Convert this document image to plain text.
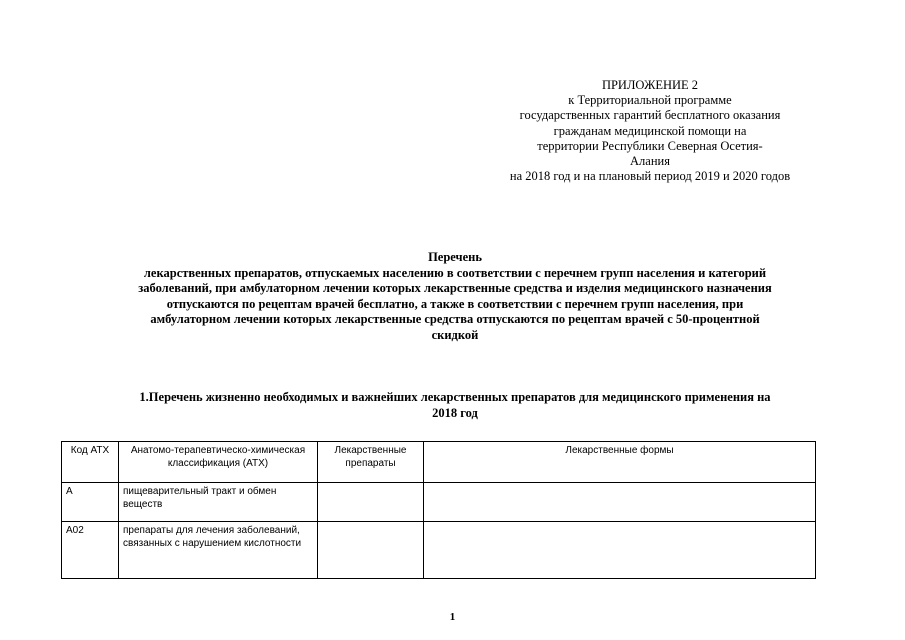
ПРИЛОЖЕНИЕ 2
к Территориальной программе
государственных гарантий бесплатного оказания
гражданам медицинской помощи на
территории Республики Северная Осетия-
Алания
на 2018 год и на плановый период 2019 и 2020 годов
Перечень
лекарственных препаратов, отпускаемых населению в соответствии с перечнем групп населения и категорий
заболеваний, при амбулаторном лечении которых лекарственные средства и изделия медицинского назначения
отпускаются по рецептам врачей бесплатно, а также в соответствии с перечнем групп населения, при
амбулаторном лечении которых лекарственные средства отпускаются по рецептам врачей с 50-процентной
скидкой
1.Перечень жизненно необходимых и важнейших лекарственных препаратов для медицинского применения на
2018 год
Код АТХ	Анатомо-терапевтическо-химическая классификация (АТХ)	Лекарственные препараты	Лекарственные формы
А	пищеварительный тракт и обмен веществ		
А02	препараты для лечения заболеваний, связанных с нарушением кислотности		
1
